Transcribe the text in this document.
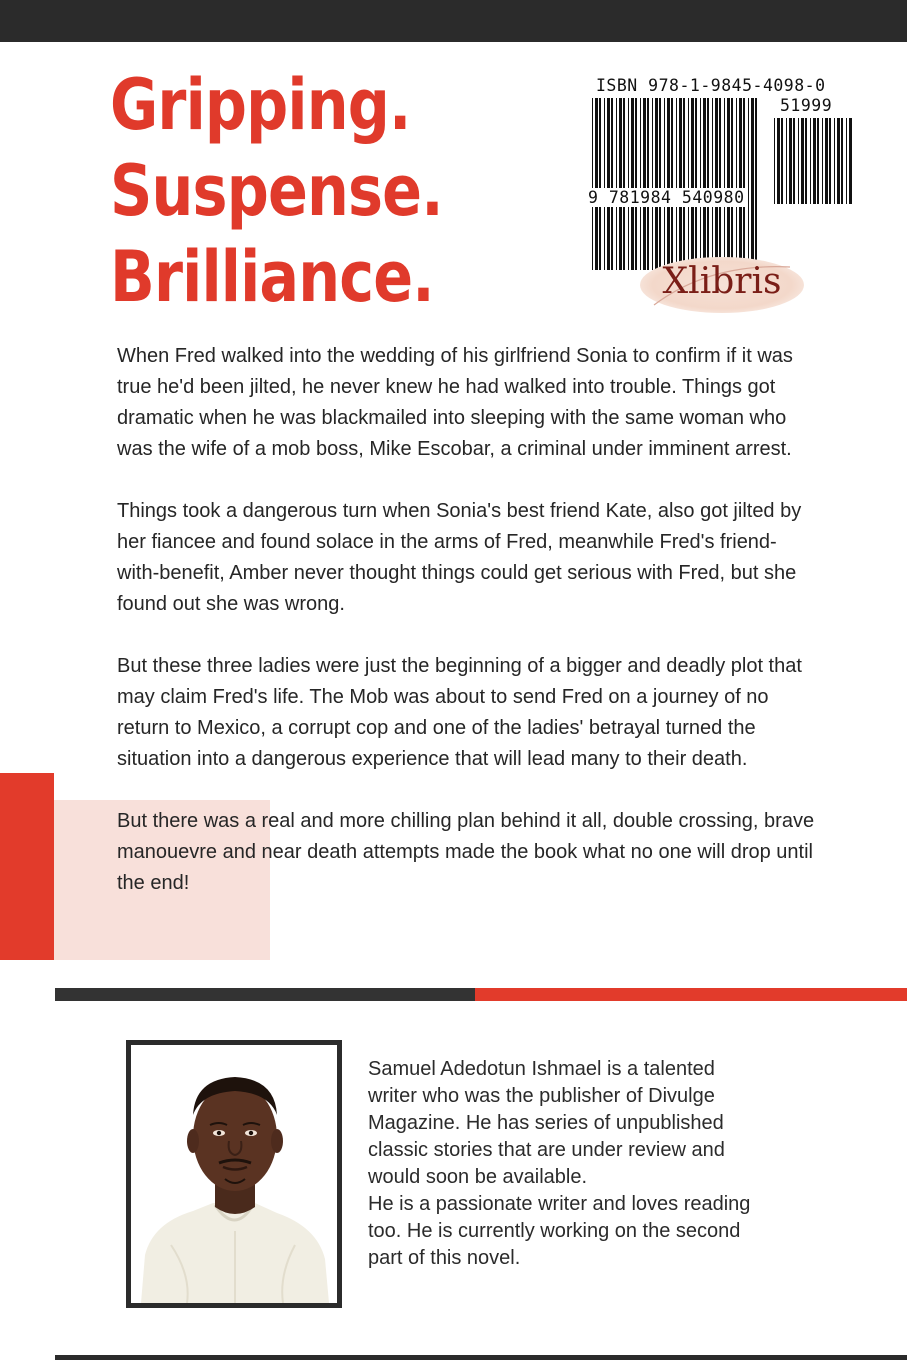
Gripping.
Suspense.
Brilliance.
ISBN 978-1-9845-4098-0
51999
9 781984 540980
Xlibris

When Fred walked into the wedding of his girlfriend Sonia to confirm if it was true he'd been jilted, he never knew he had walked into trouble. Things got dramatic when he was blackmailed into sleeping with the same woman who was the wife of a mob boss, Mike Escobar, a criminal under imminent arrest.

Things took a dangerous turn when Sonia's best friend Kate, also got jilted by her fiancee and found solace in the arms of Fred, meanwhile Fred's friend-with-benefit, Amber never thought things could get serious with Fred, but she found out she was wrong.

But these three ladies were just the beginning of a bigger and deadly plot that may claim Fred's life. The Mob was about to send Fred on a journey of no return to Mexico, a corrupt cop and one of the ladies' betrayal turned the situation into a dangerous experience that will lead many to their death.

But there was a real and more chilling plan behind it all, double crossing, brave manouevre and near death attempts made the book what no one will drop until the end!

Samuel Adedotun Ishmael is a talented
writer who was the publisher of Divulge
Magazine. He has series of unpublished
classic stories that are under review and
would soon be available.
He is a passionate writer and loves reading
too. He is currently working on the second
part of this novel.
